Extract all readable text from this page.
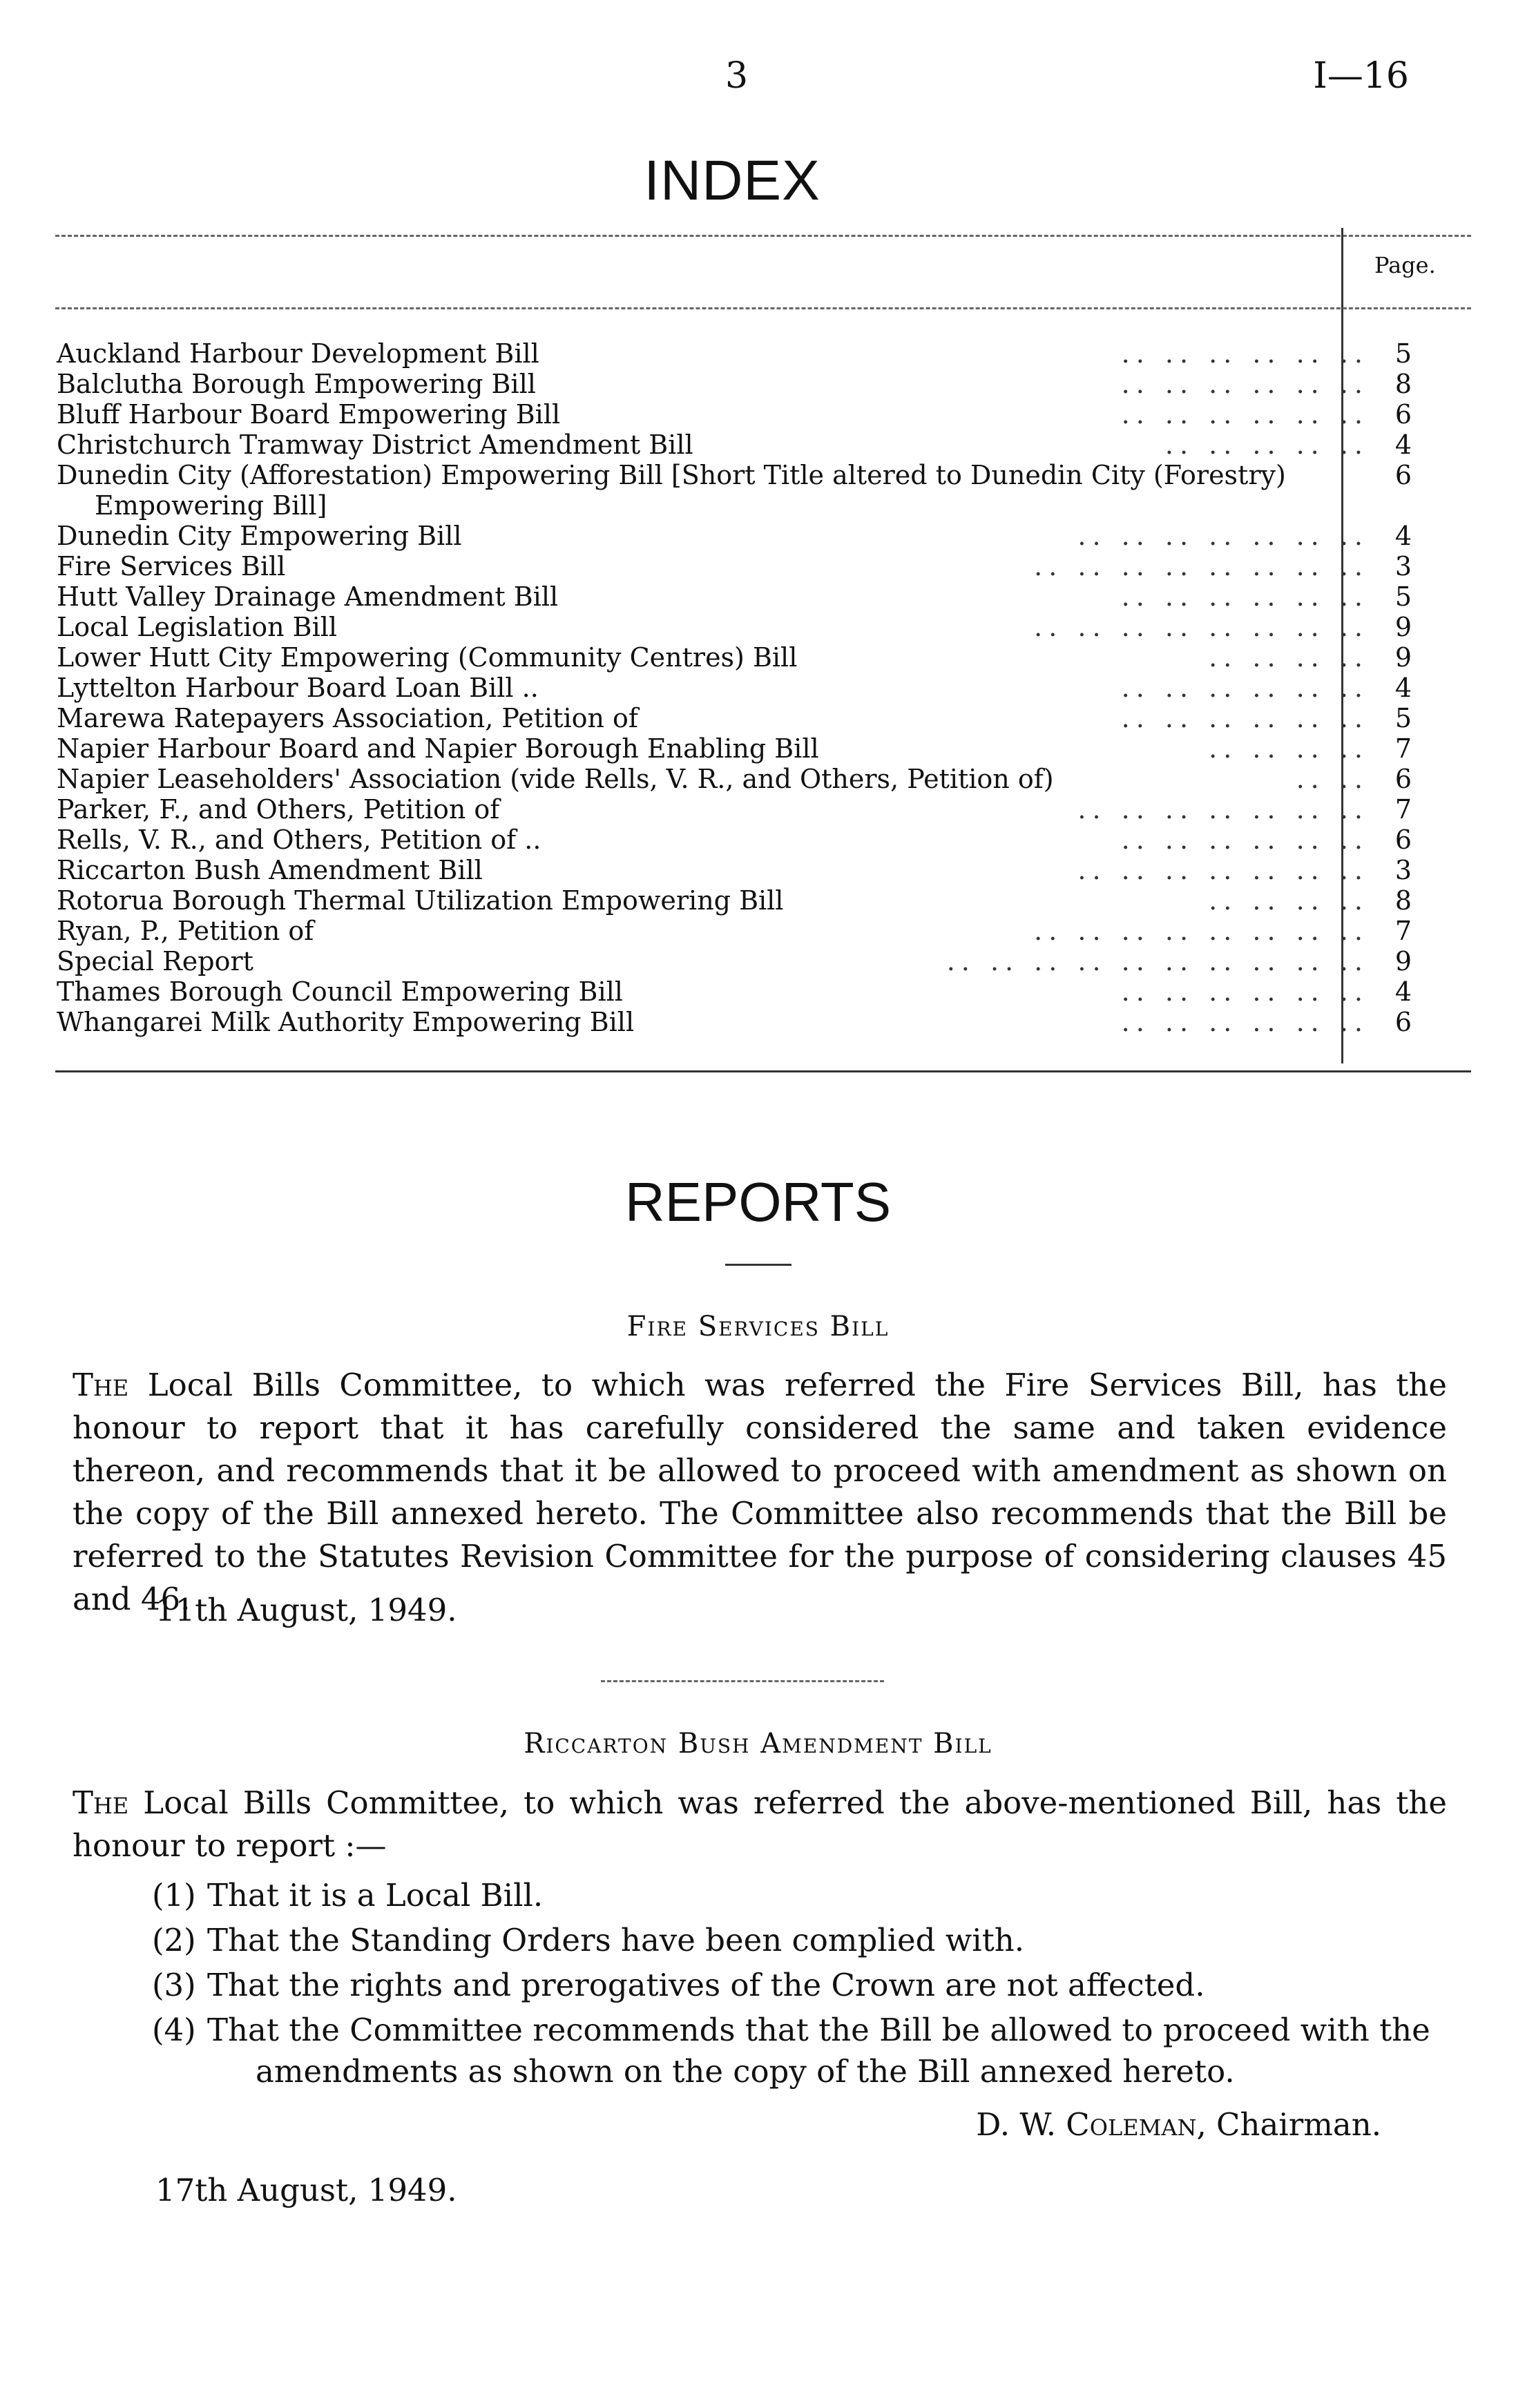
3	I—16
INDEX
Page.
Auckland Harbour Development Bill	.. .. .. .. .. .. 5
Balclutha Borough Empowering Bill	.. .. .. .. .. .. 8
Bluff Harbour Board Empowering Bill	.. .. .. .. .. .. 6
Christchurch Tramway District Amendment Bill	.. .. .. .. .. 4
Dunedin City (Afforestation) Empowering Bill [Short Title altered to Dunedin City (Forestry)	6
Empowering Bill]
Dunedin City Empowering Bill	.. .. .. .. .. .. .. 4
Fire Services Bill	.. .. .. .. .. .. .. .. 3
Hutt Valley Drainage Amendment Bill	.. .. .. .. .. .. 5
Local Legislation Bill	.. .. .. .. .. .. .. .. 9
Lower Hutt City Empowering (Community Centres) Bill	.. .. .. .. 9
Lyttelton Harbour Board Loan Bill ..	.. .. .. .. .. .. 4
Marewa Ratepayers Association, Petition of	.. .. .. .. .. .. 5
Napier Harbour Board and Napier Borough Enabling Bill	.. .. .. .. 7
Napier Leaseholders' Association (vide Rells, V. R., and Others, Petition of)	.. .. 6
Parker, F., and Others, Petition of	.. .. .. .. .. .. .. 7
Rells, V. R., and Others, Petition of ..	.. .. .. .. .. .. 6
Riccarton Bush Amendment Bill	.. .. .. .. .. .. .. 3
Rotorua Borough Thermal Utilization Empowering Bill	.. .. .. .. 8
Ryan, P., Petition of	.. .. .. .. .. .. .. .. 7
Special Report	.. .. .. .. .. .. .. .. .. .. 9
Thames Borough Council Empowering Bill	.. .. .. .. .. .. 4
Whangarei Milk Authority Empowering Bill	.. .. .. .. .. .. 6
REPORTS
Fire Services Bill
The Local Bills Committee, to which was referred the Fire Services Bill, has the honour to report that it has carefully considered the same and taken evidence thereon, and recommends that it be allowed to proceed with amendment as shown on the copy of the Bill annexed hereto. The Committee also recommends that the Bill be referred to the Statutes Revision Committee for the purpose of considering clauses 45 and 46.
11th August, 1949.
Riccarton Bush Amendment Bill
The Local Bills Committee, to which was referred the above-mentioned Bill, has the honour to report :—
(1) That it is a Local Bill.
(2) That the Standing Orders have been complied with.
(3) That the rights and prerogatives of the Crown are not affected.
(4) That the Committee recommends that the Bill be allowed to proceed with the
amendments as shown on the copy of the Bill annexed hereto.
D. W. Coleman, Chairman.
17th August, 1949.
